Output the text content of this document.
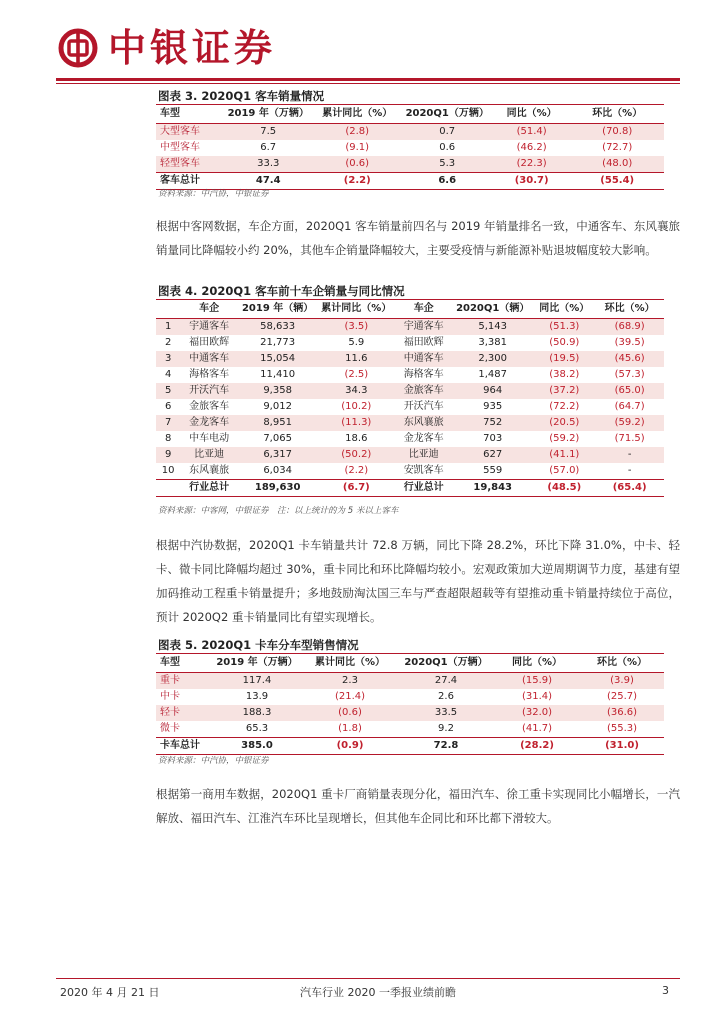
中银证券
图表 3. 2020Q1 客车销量情况
车型	2019 年（万辆）	累计同比（%）	2020Q1（万辆）	同比（%）	环比（%）
大型客车	7.5	(2.8)	0.7	(51.4)	(70.8)
中型客车	6.7	(9.1)	0.6	(46.2)	(72.7)
轻型客车	33.3	(0.6)	5.3	(22.3)	(48.0)
客车总计	47.4	(2.2)	6.6	(30.7)	(55.4)
资料来源：中汽协，中银证券
根据中客网数据，车企方面，2020Q1 客车销量前四名与 2019 年销量排名一致，中通客车、东风襄旅销量同比降幅较小约 20%，其他车企销量降幅较大，主要受疫情与新能源补贴退坡幅度较大影响。
图表 4. 2020Q1 客车前十车企销量与同比情况
	车企	2019 年（辆）	累计同比（%）	车企	2020Q1（辆）	同比（%）	环比（%）
1	宇通客车	58,633	(3.5)	宇通客车	5,143	(51.3)	(68.9)
2	福田欧辉	21,773	5.9	福田欧辉	3,381	(50.9)	(39.5)
3	中通客车	15,054	11.6	中通客车	2,300	(19.5)	(45.6)
4	海格客车	11,410	(2.5)	海格客车	1,487	(38.2)	(57.3)
5	开沃汽车	9,358	34.3	金旅客车	964	(37.2)	(65.0)
6	金旅客车	9,012	(10.2)	开沃汽车	935	(72.2)	(64.7)
7	金龙客车	8,951	(11.3)	东风襄旅	752	(20.5)	(59.2)
8	中车电动	7,065	18.6	金龙客车	703	(59.2)	(71.5)
9	比亚迪	6,317	(50.2)	比亚迪	627	(41.1)	-
10	东风襄旅	6,034	(2.2)	安凯客车	559	(57.0)	-
	行业总计	189,630	(6.7)	行业总计	19,843	(48.5)	(65.4)
资料来源：中客网，中银证券　注：以上统计的为 5 米以上客车
根据中汽协数据，2020Q1 卡车销量共计 72.8 万辆，同比下降 28.2%，环比下降 31.0%，中卡、轻卡、微卡同比降幅均超过 30%，重卡同比和环比降幅均较小。宏观政策加大逆周期调节力度，基建有望加码推动工程重卡销量提升；多地鼓励淘汰国三车与严查超限超载等有望推动重卡销量持续位于高位，预计 2020Q2 重卡销量同比有望实现增长。
图表 5. 2020Q1 卡车分车型销售情况
车型	2019 年（万辆）	累计同比（%）	2020Q1（万辆）	同比（%）	环比（%）
重卡	117.4	2.3	27.4	(15.9)	(3.9)
中卡	13.9	(21.4)	2.6	(31.4)	(25.7)
轻卡	188.3	(0.6)	33.5	(32.0)	(36.6)
微卡	65.3	(1.8)	9.2	(41.7)	(55.3)
卡车总计	385.0	(0.9)	72.8	(28.2)	(31.0)
资料来源：中汽协，中银证券
根据第一商用车数据，2020Q1 重卡厂商销量表现分化，福田汽车、徐工重卡实现同比小幅增长，一汽解放、福田汽车、江淮汽车环比呈现增长，但其他车企同比和环比都下滑较大。
2020 年 4 月 21 日	汽车行业 2020 一季报业绩前瞻	3
